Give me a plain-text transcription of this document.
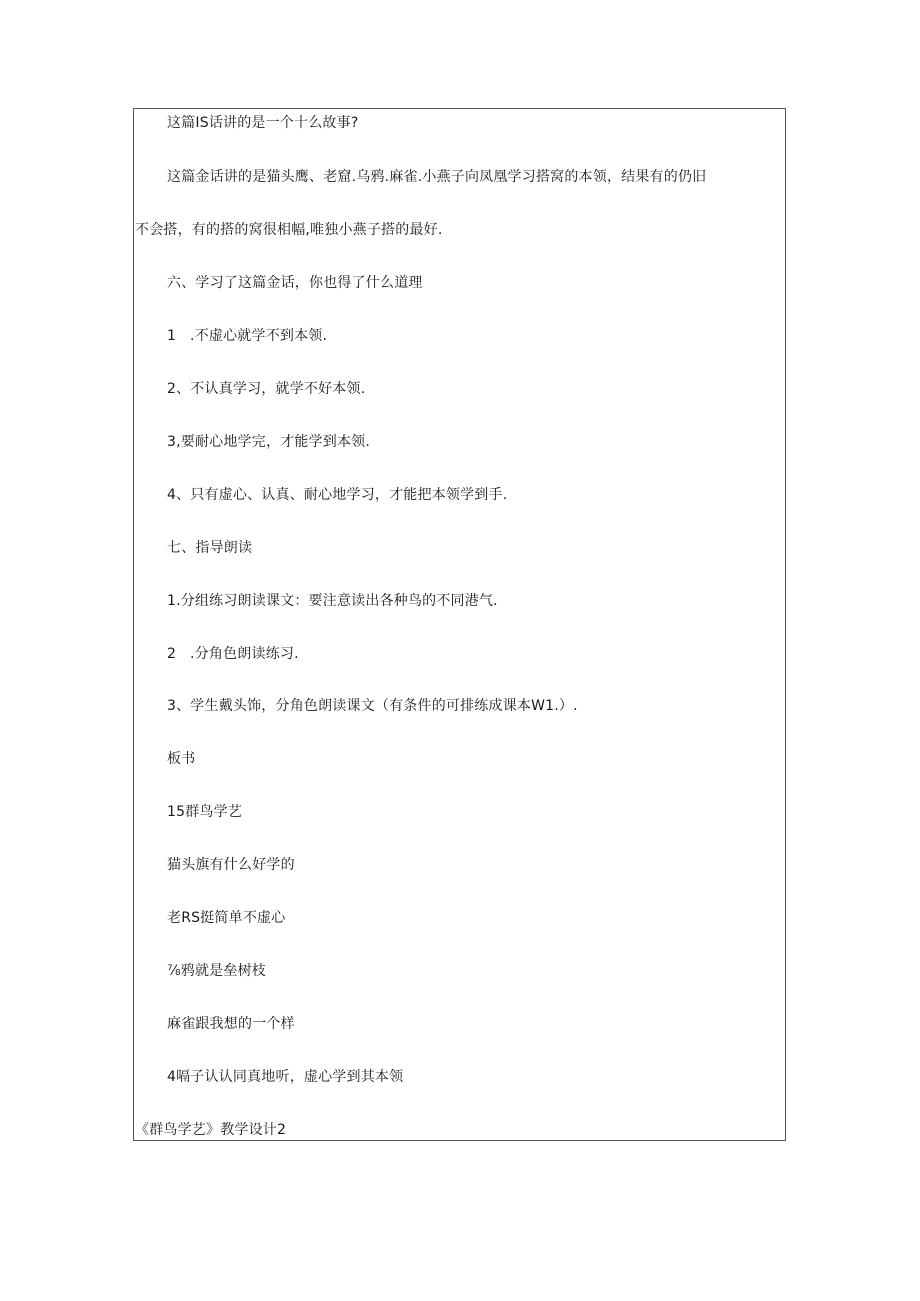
这篇IS话讲的是一个十么故事?
这篇金话讲的是猫头鹰、老窟.乌鸦.麻雀.小燕子向凤凰学习搭窝的本领，结果有的仍旧
不会搭，有的搭的窝很相幅,唯独小燕子搭的最好.
六、学习了这篇金话，你也得了什么道理
1   .不虚心就学不到本领.
2、不认真学习，就学不好本领.
3,要耐心地学完，才能学到本领.
4、只有虚心、认真、耐心地学习，才能把本领学到手.
七、指导朗读
1.分组练习朗读课文：要注意读出各种鸟的不同港气.
2   .分角色朗读练习.
3、学生戴头饰，分角色朗读课文（有条件的可排练成课本W1.）.
板书
15群鸟学艺
猫头旗有什么好学的
老RS挺简单不虚心
⅞鸦就是垒树枝
麻雀跟我想的一个样
4嗝子认认同真地听，虚心学到其本领
《群鸟学艺》教学设计2
